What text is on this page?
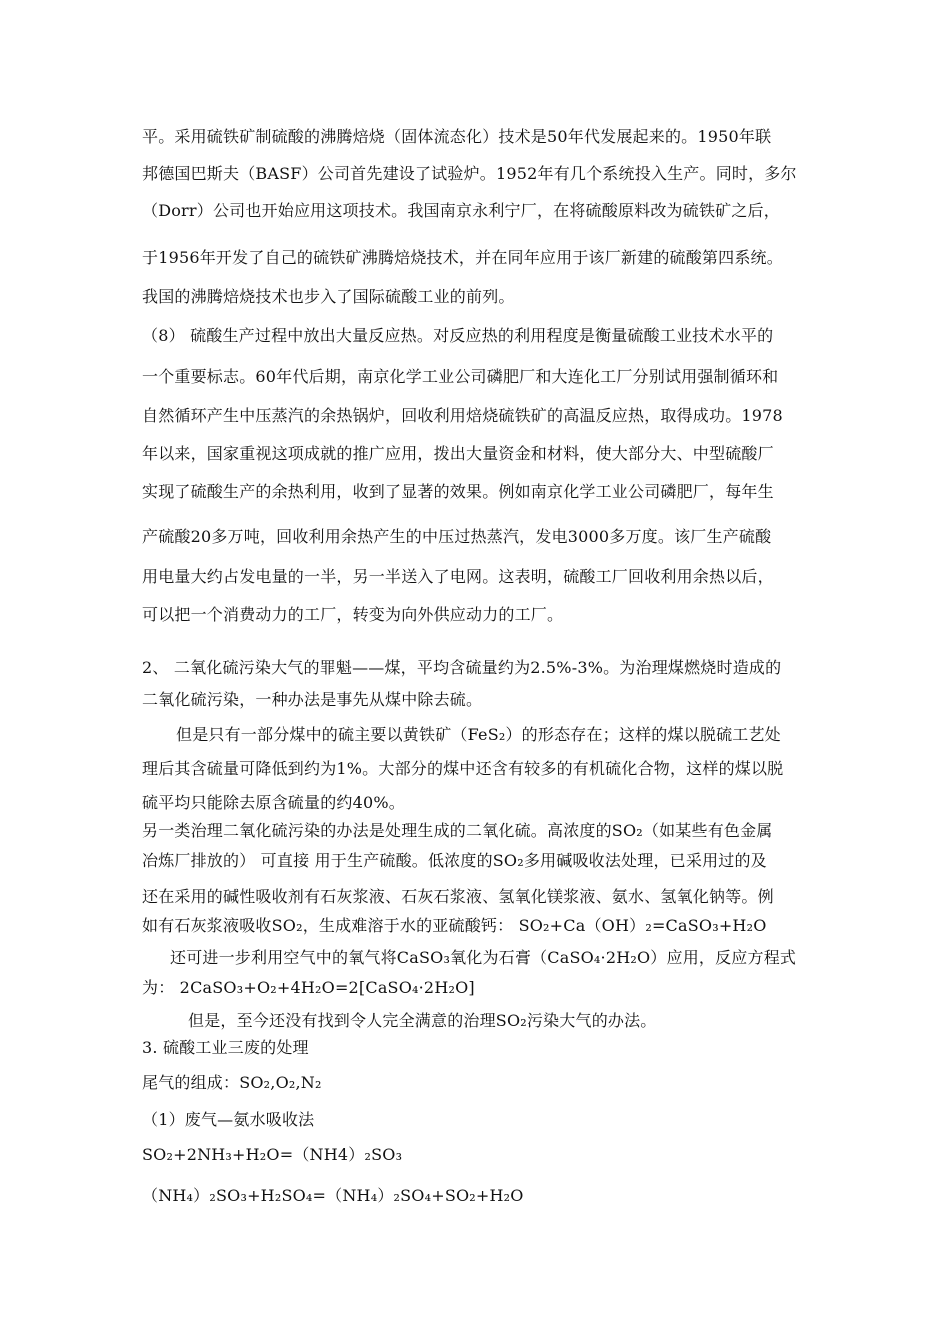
平。采用硫铁矿制硫酸的沸腾焙烧（固体流态化）技术是50年代发展起来的。1950年联
邦德国巴斯夫（BASF）公司首先建设了试验炉。1952年有几个系统投入生产。同时，多尔
（Dorr）公司也开始应用这项技术。我国南京永利宁厂，在将硫酸原料改为硫铁矿之后，
于1956年开发了自己的硫铁矿沸腾焙烧技术，并在同年应用于该厂新建的硫酸第四系统。
我国的沸腾焙烧技术也步入了国际硫酸工业的前列。
（8） 硫酸生产过程中放出大量反应热。对反应热的利用程度是衡量硫酸工业技术水平的
一个重要标志。60年代后期，南京化学工业公司磷肥厂和大连化工厂分别试用强制循环和
自然循环产生中压蒸汽的余热锅炉，回收利用焙烧硫铁矿的高温反应热，取得成功。1978
年以来，国家重视这项成就的推广应用，拨出大量资金和材料，使大部分大、中型硫酸厂
实现了硫酸生产的余热利用，收到了显著的效果。例如南京化学工业公司磷肥厂，每年生
产硫酸20多万吨，回收利用余热产生的中压过热蒸汽，发电3000多万度。该厂生产硫酸
用电量大约占发电量的一半，另一半送入了电网。这表明，硫酸工厂回收利用余热以后，
可以把一个消费动力的工厂，转变为向外供应动力的工厂。
2、 二氧化硫污染大气的罪魁——煤，平均含硫量约为2.5%-3%。为治理煤燃烧时造成的
二氧化硫污染，一种办法是事先从煤中除去硫。
但是只有一部分煤中的硫主要以黄铁矿（FeS₂）的形态存在；这样的煤以脱硫工艺处
理后其含硫量可降低到约为1%。大部分的煤中还含有较多的有机硫化合物，这样的煤以脱
硫平均只能除去原含硫量的约40%。
另一类治理二氧化硫污染的办法是处理生成的二氧化硫。高浓度的SO₂（如某些有色金属
冶炼厂排放的） 可直接 用于生产硫酸。低浓度的SO₂多用碱吸收法处理，已采用过的及
还在采用的碱性吸收剂有石灰浆液、石灰石浆液、氢氧化镁浆液、氨水、氢氧化钠等。例
如有石灰浆液吸收SO₂，生成难溶于水的亚硫酸钙： SO₂+Ca（OH）₂=CaSO₃+H₂O
还可进一步利用空气中的氧气将CaSO₃氧化为石膏（CaSO₄·2H₂O）应用，反应方程式
为： 2CaSO₃+O₂+4H₂O=2[CaSO₄·2H₂O]
但是，至今还没有找到令人完全满意的治理SO₂污染大气的办法。
3. 硫酸工业三废的处理
尾气的组成：SO₂,O₂,N₂
（1）废气—氨水吸收法
SO₂+2NH₃+H₂O=（NH4）₂SO₃
（NH₄）₂SO₃+H₂SO₄=（NH₄）₂SO₄+SO₂+H₂O
